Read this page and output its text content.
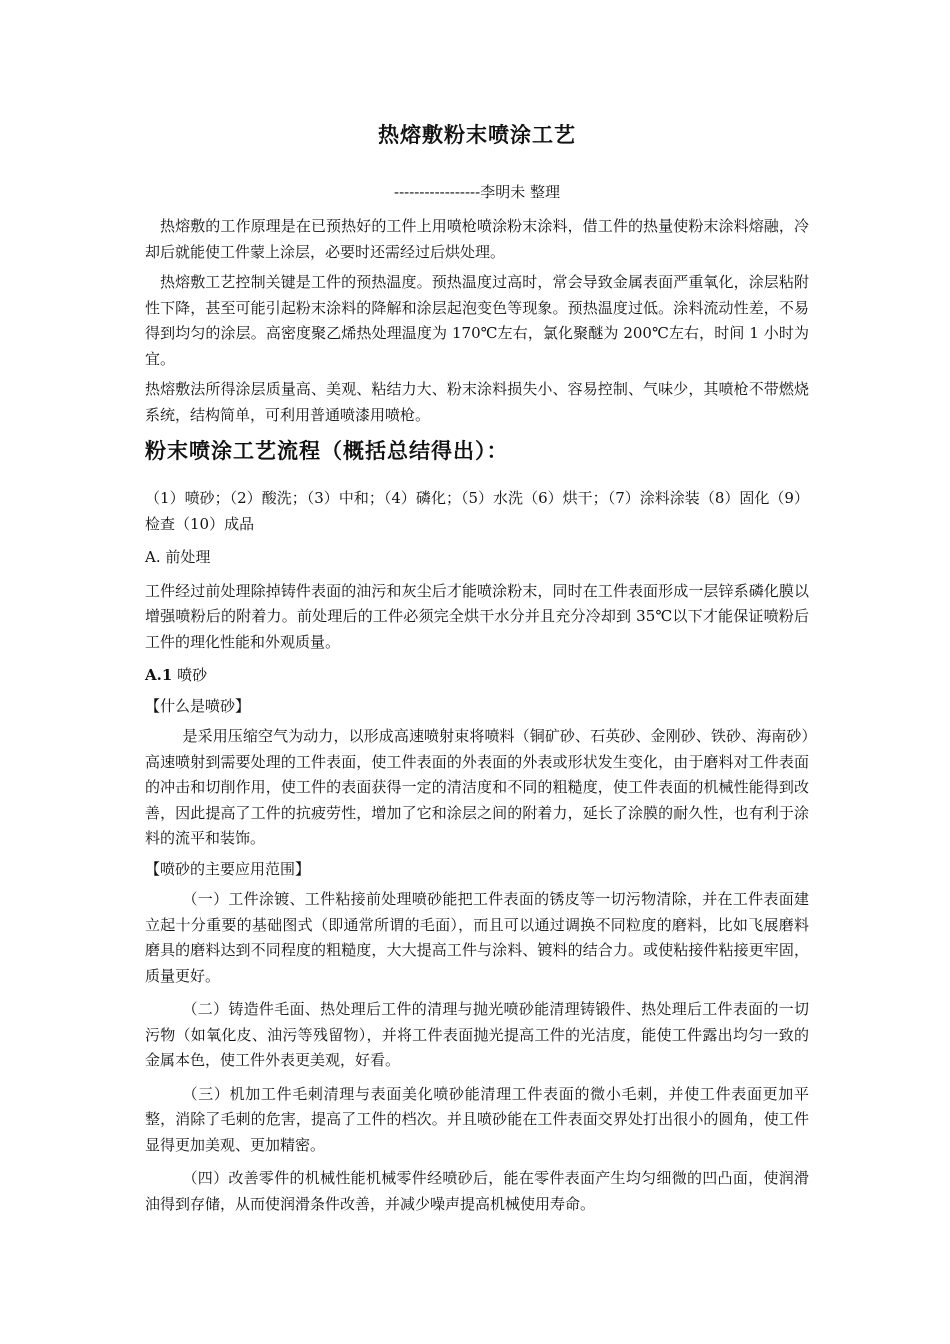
热熔敷粉末喷涂工艺

-----------------李明未 整理

热熔敷的工作原理是在已预热好的工件上用喷枪喷涂粉末涂料，借工件的热量使粉末涂料熔融，冷却后就能使工件蒙上涂层，必要时还需经过后烘处理。

热熔敷工艺控制关键是工件的预热温度。预热温度过高时，常会导致金属表面严重氧化，涂层粘附性下降，甚至可能引起粉末涂料的降解和涂层起泡变色等现象。预热温度过低。涂料流动性差，不易得到均匀的涂层。高密度聚乙烯热处理温度为 170℃左右，氯化聚醚为 200℃左右，时间 1 小时为宜。

热熔敷法所得涂层质量高、美观、粘结力大、粉末涂料损失小、容易控制、气味少，其喷枪不带燃烧系统，结构简单，可利用普通喷漆用喷枪。

粉末喷涂工艺流程（概括总结得出）：

（1）喷砂；（2）酸洗；（3）中和；（4）磷化；（5）水洗（6）烘干；（7）涂料涂装（8）固化（9）检查（10）成品

A. 前处理

工件经过前处理除掉铸件表面的油污和灰尘后才能喷涂粉末，同时在工件表面形成一层锌系磷化膜以增强喷粉后的附着力。前处理后的工件必须完全烘干水分并且充分冷却到 35℃以下才能保证喷粉后工件的理化性能和外观质量。

A.1 喷砂

【什么是喷砂】

是采用压缩空气为动力，以形成高速喷射束将喷料（铜矿砂、石英砂、金刚砂、铁砂、海南砂）高速喷射到需要处理的工件表面，使工件表面的外表面的外表或形状发生变化，由于磨料对工件表面的冲击和切削作用，使工件的表面获得一定的清洁度和不同的粗糙度，使工件表面的机械性能得到改善，因此提高了工件的抗疲劳性，增加了它和涂层之间的附着力，延长了涂膜的耐久性，也有利于涂料的流平和装饰。

【喷砂的主要应用范围】

（一）工件涂镀、工件粘接前处理喷砂能把工件表面的锈皮等一切污物清除，并在工件表面建立起十分重要的基础图式（即通常所谓的毛面），而且可以通过调换不同粒度的磨料，比如飞展磨料磨具的磨料达到不同程度的粗糙度，大大提高工件与涂料、镀料的结合力。或使粘接件粘接更牢固，质量更好。

（二）铸造件毛面、热处理后工件的清理与抛光喷砂能清理铸锻件、热处理后工件表面的一切污物（如氧化皮、油污等残留物），并将工件表面抛光提高工件的光洁度，能使工件露出均匀一致的金属本色，使工件外表更美观，好看。

（三）机加工件毛刺清理与表面美化喷砂能清理工件表面的微小毛刺，并使工件表面更加平整，消除了毛刺的危害，提高了工件的档次。并且喷砂能在工件表面交界处打出很小的圆角，使工件显得更加美观、更加精密。

（四）改善零件的机械性能机械零件经喷砂后，能在零件表面产生均匀细微的凹凸面，使润滑油得到存储，从而使润滑条件改善，并减少噪声提高机械使用寿命。
